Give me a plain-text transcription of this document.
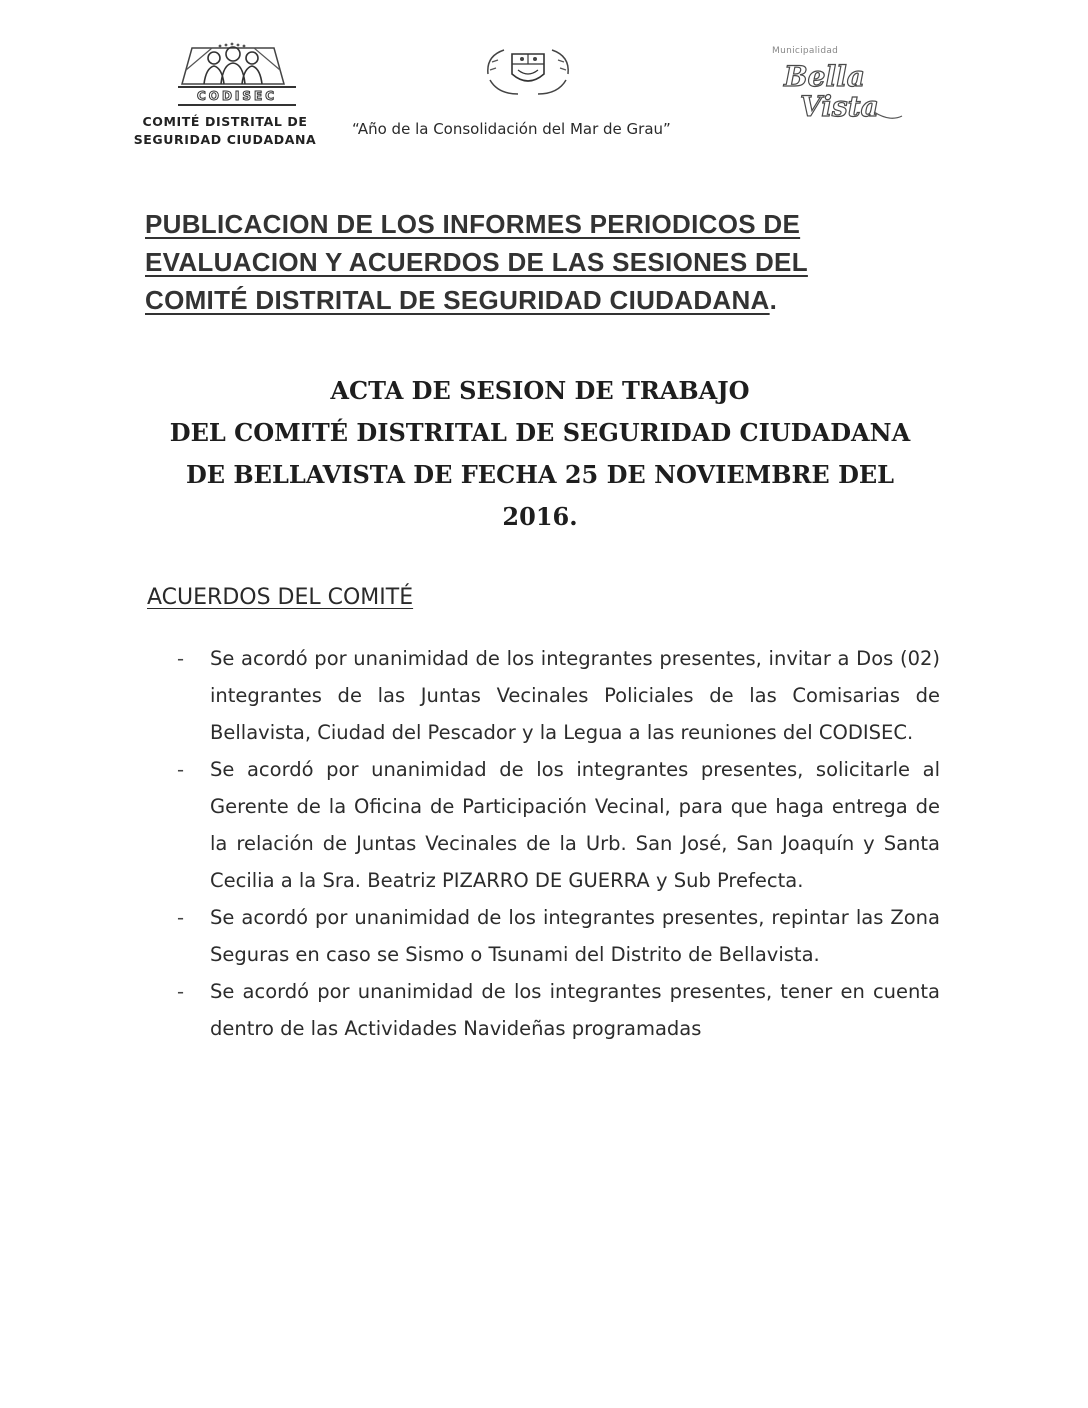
CODISEC
COMITÉ DISTRITAL DE
SEGURIDAD CIUDADANA
“Año de la Consolidación del Mar de Grau”
Municipalidad
Bella Vista
PUBLICACION DE LOS INFORMES PERIODICOS DE
EVALUACION Y ACUERDOS DE LAS SESIONES DEL
COMITÉ DISTRITAL DE SEGURIDAD CIUDADANA.
ACTA DE SESION DE TRABAJO
DEL COMITÉ DISTRITAL DE SEGURIDAD CIUDADANA
DE BELLAVISTA DE FECHA 25 DE NOVIEMBRE DEL
2016.
ACUERDOS DEL COMITÉ
- Se acordó por unanimidad de los integrantes presentes, invitar a Dos (02) integrantes de las Juntas Vecinales Policiales de las Comisarias de Bellavista, Ciudad del Pescador y la Legua a las reuniones del CODISEC.
- Se acordó por unanimidad de los integrantes presentes, solicitarle al Gerente de la Oficina de Participación Vecinal, para que haga entrega de la relación de Juntas Vecinales de la Urb. San José, San Joaquín y Santa Cecilia a la Sra. Beatriz PIZARRO DE GUERRA y Sub Prefecta.
- Se acordó por unanimidad de los integrantes presentes, repintar las Zona Seguras en caso se Sismo o Tsunami del Distrito de Bellavista.
- Se acordó por unanimidad de los integrantes presentes, tener en cuenta dentro de las Actividades Navideñas programadas
